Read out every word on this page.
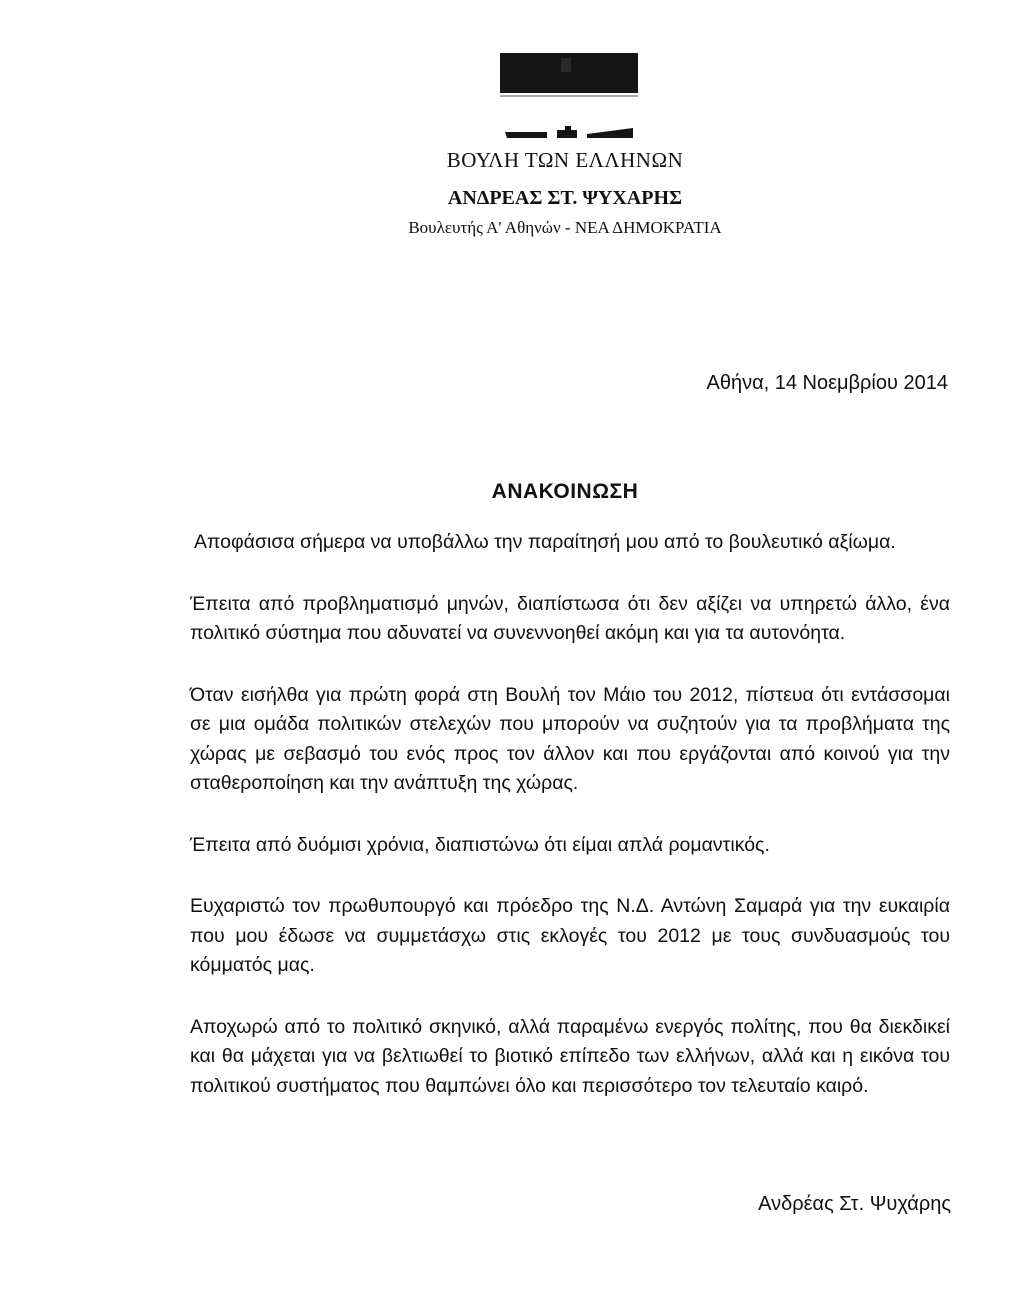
ΒΟΥΛΗ ΤΩΝ ΕΛΛΗΝΩΝ
ΑΝΔΡΕΑΣ ΣΤ. ΨΥΧΑΡΗΣ
Βουλευτής Α' Αθηνών - ΝΕΑ ΔΗΜΟΚΡΑΤΙΑ
Αθήνα, 14 Νοεμβρίου 2014
ΑΝΑΚΟΙΝΩΣΗ

Αποφάσισα σήμερα να υποβάλλω την παραίτησή μου από το βουλευτικό αξίωμα.

Έπειτα από προβληματισμό μηνών, διαπίστωσα ότι δεν αξίζει να υπηρετώ άλλο, ένα πολιτικό σύστημα που αδυνατεί να συνεννοηθεί ακόμη και για τα αυτονόητα.

Όταν εισήλθα για πρώτη φορά στη Βουλή τον Μάιο του 2012, πίστευα ότι εντάσσομαι σε μια ομάδα πολιτικών στελεχών που μπορούν να συζητούν για τα προβλήματα της χώρας με σεβασμό του ενός προς τον άλλον και που εργάζονται από κοινού για την σταθεροποίηση και την ανάπτυξη της χώρας.

Έπειτα από δυόμισι χρόνια, διαπιστώνω ότι είμαι απλά ρομαντικός.

Ευχαριστώ τον πρωθυπουργό και πρόεδρο της Ν.Δ. Αντώνη Σαμαρά για την ευκαιρία που μου έδωσε να συμμετάσχω στις εκλογές του 2012 με τους συνδυασμούς του κόμματός μας.

Αποχωρώ από το πολιτικό σκηνικό, αλλά παραμένω ενεργός πολίτης, που θα διεκδικεί και θα μάχεται για να βελτιωθεί το βιοτικό επίπεδο των ελλήνων, αλλά και η εικόνα του πολιτικού συστήματος που θαμπώνει όλο και περισσότερο τον τελευταίο καιρό.

Ανδρέας Στ. Ψυχάρης
